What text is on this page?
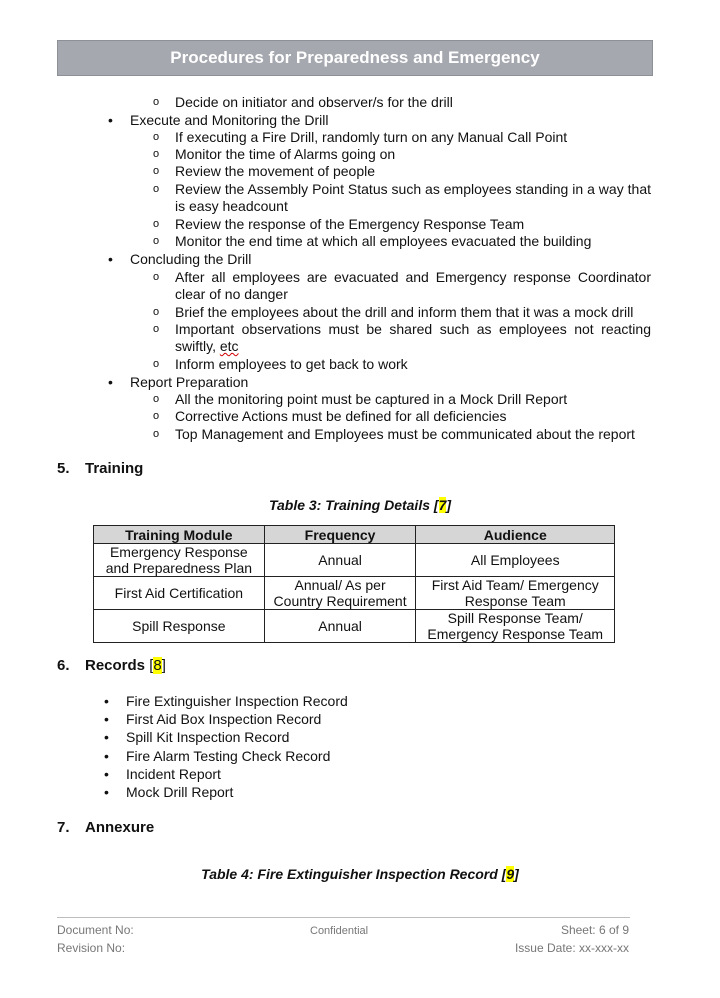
Procedures for Preparedness and Emergency
o Decide on initiator and observer/s for the drill
• Execute and Monitoring the Drill
o If executing a Fire Drill, randomly turn on any Manual Call Point
o Monitor the time of Alarms going on
o Review the movement of people
o Review the Assembly Point Status such as employees standing in a way that
is easy headcount
o Review the response of the Emergency Response Team
o Monitor the end time at which all employees evacuated the building
• Concluding the Drill
o After all employees are evacuated and Emergency response Coordinator
clear of no danger
o Brief the employees about the drill and inform them that it was a mock drill
o Important observations must be shared such as employees not reacting
swiftly, etc
o Inform employees to get back to work
• Report Preparation
o All the monitoring point must be captured in a Mock Drill Report
o Corrective Actions must be defined for all deficiencies
o Top Management and Employees must be communicated about the report
5. Training
Table 3: Training Details [7]
Training Module	Frequency	Audience
Emergency Response
and Preparedness Plan	Annual	All Employees
First Aid Certification	Annual/ As per
Country Requirement	First Aid Team/ Emergency
Response Team
Spill Response	Annual	Spill Response Team/
Emergency Response Team
6. Records [8]
• Fire Extinguisher Inspection Record
• First Aid Box Inspection Record
• Spill Kit Inspection Record
• Fire Alarm Testing Check Record
• Incident Report
• Mock Drill Report
7. Annexure
Table 4: Fire Extinguisher Inspection Record [9]
Document No:
Revision No:
Confidential	Sheet: 6 of 9
Issue Date: xx-xxx-xx
